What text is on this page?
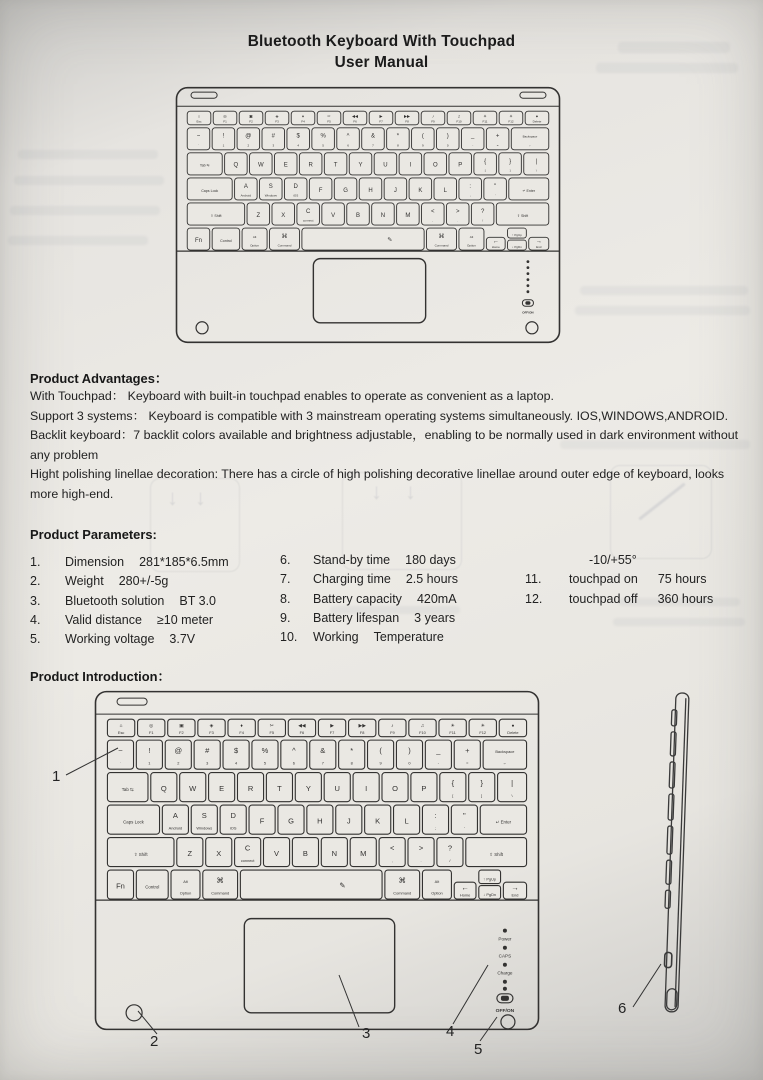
↓ ↓	↓ ↓
Bluetooth Keyboard With Touchpad
User Manual
⌂
Esc
◎
F1
▣
F2
◈
F3
♦
F4
✂
F5
◀◀
F6
▶
F7
▶▶
F8
♪
F9
♫
F10
☀
F11
☀
F12
●
Delete
~
`
!
1
@
2
#
3
$
4
%
5
^
6
&
7
*
8
(
9
)
0
_
-
+
=
Backspace
←
Tab ⇆	Q	W	E	R	T	Y	U	I	O	P
{
[
}
]
|
\
Caps Lock
A
Android
S
Windows
D
iOS
F	G	H	J	K	L
:
;
"
'
↵ Enter
⇧ Shift	Z	X
C
connect
V	B	N	M
<
,
>
.
?
/
⇧ Shift
Fn	Control
Alt
Option
⌘
Command
✎
⌘
Command
Alt
Option
←
Home
↑ PgUp
↓ PgDn
→
End
OFF/ON
Product Advantages：

With Touchpad： Keyboard with built-in touchpad enables to operate as convenient as a laptop.

Support 3 systems： Keyboard is compatible with 3 mainstream operating systems simultaneously. IOS,WINDOWS,ANDROID.

Backlit keyboard：7 backlit colors available and brightness adjustable，enabling to be normally used in dark environment without any problem

Hight polishing linellae decoration: There has a circle of high polishing decorative linellae around outer edge of keyboard, looks more high-end.

Product Parameters:
1.	Dimension 281*185*6.5mm
2.	Weight 280+/-5g
3.	Bluetooth solution BT 3.0
4.	Valid distance ≥10 meter
5.	Working voltage 3.7V
6.	Stand-by time 180 days
7.	Charging time 2.5 hours
8.	Battery capacity 420mA
9.	Battery lifespan 3 years
10.	Working Temperature
-10/+55°
11.	touchpad on 75 hours
12.	touchpad off 360 hours
Product Introduction：
⌂
Esc
◎
F1
▣
F2
◈
F3
♦
F4
✂
F5
◀◀
F6
▶
F7
▶▶
F8
♪
F9
♫
F10
☀
F11
☀
F12
●
Delete
~
`
!
1
@
2
#
3
$
4
%
5
^
6
&
7
*
8
(
9
)
0
_
-
+
=
Backspace
←
Tab ⇆	Q	W	E	R	T	Y	U	I	O	P
{
[
}
]
|
\
Caps Lock
A
Android
S
Windows
D
iOS
F	G	H	J	K	L
:
;
"
'
↵ Enter
⇧ Shift	Z	X
C
connect
V	B	N	M
<
,
>
.
?
/
⇧ Shift
Fn	Control
Alt
Option
⌘
Command
✎
⌘
Command
Alt
Option
←
Home
↑ PgUp
↓ PgDn
→
End
Power
CAPS
Charge
OFF/ON
1
2	3	4
5
6
